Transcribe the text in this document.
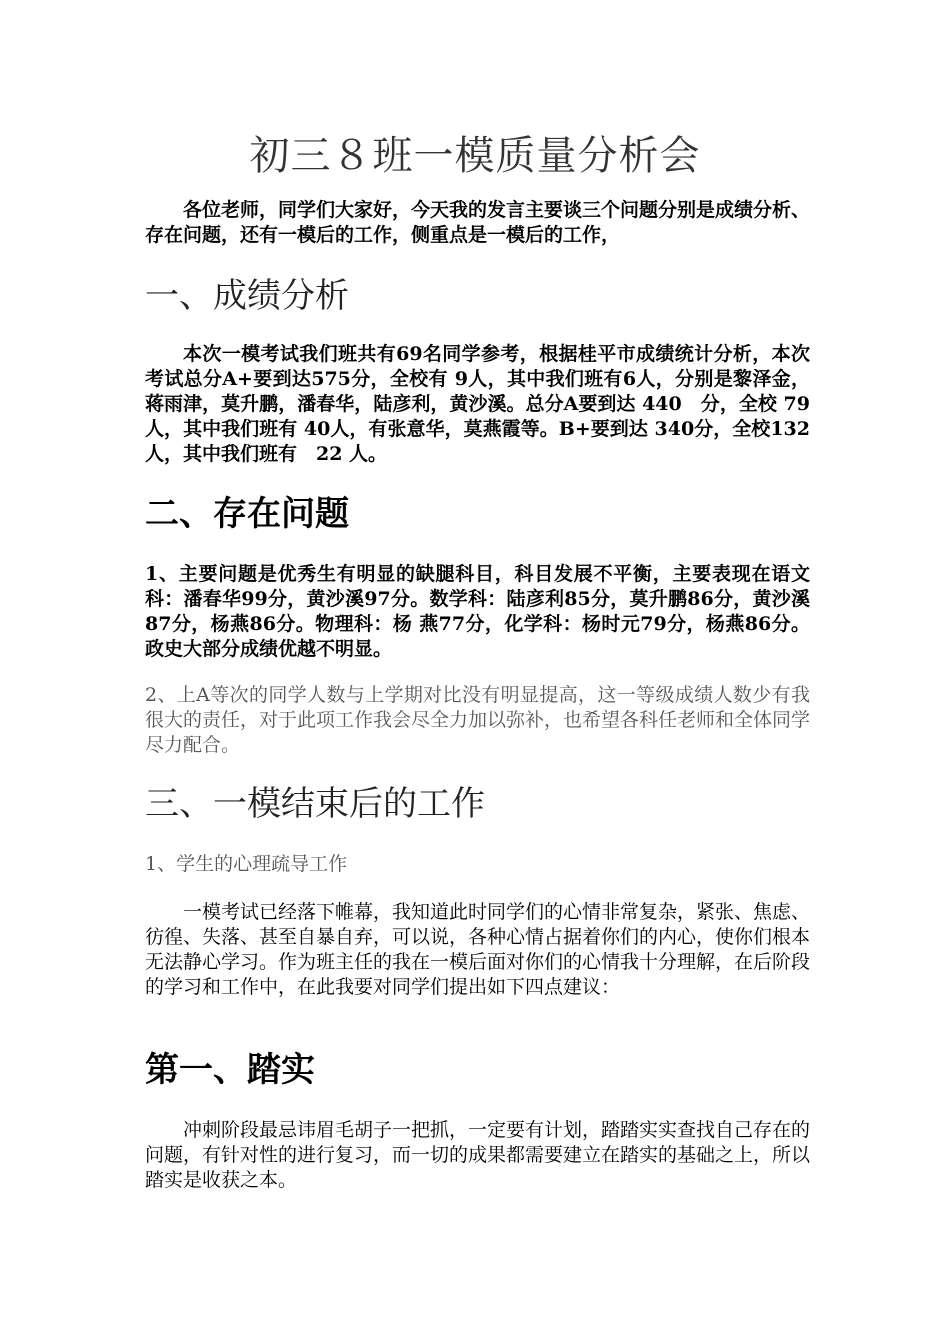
初三８班一模质量分析会

各位老师，同学们大家好，今天我的发言主要谈三个问题分别是成绩分析、存在问题，还有一模后的工作，侧重点是一模后的工作，

一、成绩分析

本次一模考试我们班共有69名同学参考，根据桂平市成绩统计分析，本次考试总分A+要到达575分，全校有 9人，其中我们班有6人，分别是黎泽金，蒋雨津，莫升鹏，潘春华，陆彦利，黄沙溪。总分A要到达 440　分，全校 79人，其中我们班有 40人，有张意华，莫燕霞等。B+要到达 340分，全校132人，其中我们班有　22 人。

二、存在问题

1、主要问题是优秀生有明显的缺腿科目，科目发展不平衡，主要表现在语文科：潘春华99分，黄沙溪97分。数学科：陆彦利85分，莫升鹏86分，黄沙溪87分，杨燕86分。物理科：杨 燕77分，化学科：杨时元79分，杨燕86分。政史大部分成绩优越不明显。

2、上A等次的同学人数与上学期对比没有明显提高，这一等级成绩人数少有我很大的责任，对于此项工作我会尽全力加以弥补，也希望各科任老师和全体同学尽力配合。

三、一模结束后的工作

1、学生的心理疏导工作

一模考试已经落下帷幕，我知道此时同学们的心情非常复杂，紧张、焦虑、彷徨、失落、甚至自暴自弃，可以说，各种心情占据着你们的内心，使你们根本无法静心学习。作为班主任的我在一模后面对你们的心情我十分理解，在后阶段的学习和工作中，在此我要对同学们提出如下四点建议：

第一、踏实

冲刺阶段最忌讳眉毛胡子一把抓，一定要有计划，踏踏实实查找自己存在的问题，有针对性的进行复习，而一切的成果都需要建立在踏实的基础之上，所以踏实是收获之本。
